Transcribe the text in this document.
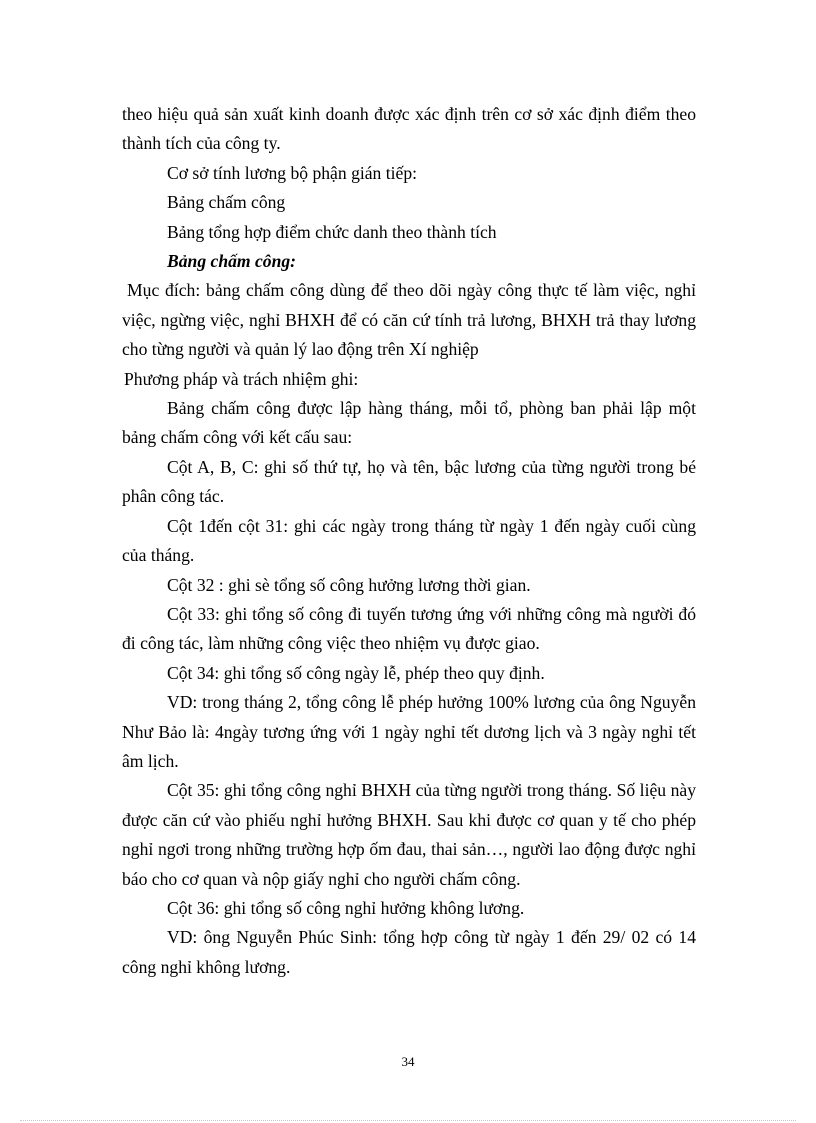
theo hiệu quả sản xuất kinh doanh được xác định trên cơ sở xác định điểm theo thành tích của công ty.

Cơ sở tính lương bộ phận gián tiếp:

Bảng chấm công

Bảng tổng hợp điểm chức danh theo thành tích

Bảng chấm công:

Mục đích: bảng chấm công dùng để theo dõi ngày công thực tế làm việc, nghỉ việc, ngừng việc, nghỉ BHXH để có căn cứ tính trả lương, BHXH trả thay lương cho từng người và quản lý lao động trên Xí nghiệp

Phương pháp và trách nhiệm ghi:

Bảng chấm công được lập hàng tháng, mỗi tổ, phòng ban phải lập một bảng chấm công với kết cấu sau:

Cột A, B, C: ghi số thứ tự, họ và tên, bậc lương của từng người trong bé phân công tác.

Cột 1đến cột 31: ghi các ngày trong tháng từ ngày 1 đến ngày cuối cùng của tháng.

Cột 32 : ghi sè tổng số công hưởng lương thời gian.

Cột 33: ghi tổng số công đi tuyến tương ứng với những công mà người đó đi công tác, làm những công việc theo nhiệm vụ được giao.

Cột 34: ghi tổng số công ngày lễ, phép theo quy định.

VD: trong tháng 2, tổng công lễ phép hưởng 100% lương của ông Nguyễn Như Bảo là: 4ngày tương ứng với 1 ngày nghỉ tết dương lịch và 3 ngày nghỉ tết âm lịch.

Cột 35: ghi tổng công nghỉ BHXH của từng người trong tháng. Số liệu này được căn cứ vào phiếu nghỉ hưởng BHXH. Sau khi được cơ quan y tế cho phép nghỉ ngơi trong những trường hợp ốm đau, thai sản…, người lao động được nghỉ báo cho cơ quan và nộp giấy nghỉ cho người chấm công.

Cột 36: ghi tổng số công nghỉ hưởng không lương.

VD: ông Nguyễn Phúc Sinh: tổng hợp công từ ngày 1 đến 29/ 02 có 14 công nghỉ không lương.

34
